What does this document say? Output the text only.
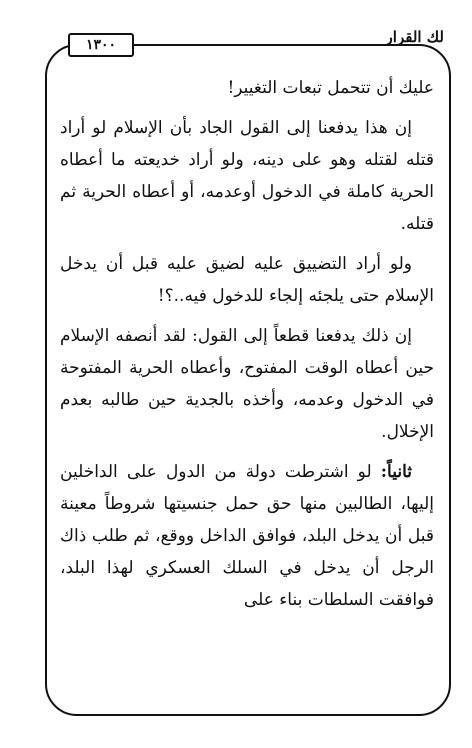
لك القرار
١٣٠٠

عليك أن تتحمل تبعات التغيير!

إن هذا يدفعنا إلى القول الجاد بأن الإسلام لو أراد قتله لقتله وهو على دينه، ولو أراد خديعته ما أعطاه الحرية كاملة في الدخول أوعدمه، أو أعطاه الحرية ثم قتله.

ولو أراد التضييق عليه لضيق عليه قبل أن يدخل الإسلام حتى يلجئه إلجاء للدخول فيه..؟!

إن ذلك يدفعنا قطعاً إلى القول: لقد أنصفه الإسلام حين أعطاه الوقت المفتوح، وأعطاه الحرية المفتوحة في الدخول وعدمه، وأخذه بالجدية حين طالبه بعدم الإخلال.

ثانياً: لو اشترطت دولة من الدول على الداخلين إليها، الطالبين منها حق حمل جنسيتها شروطاً معينة قبل أن يدخل البلد، فوافق الداخل ووقع، ثم طلب ذاك الرجل أن يدخل في السلك العسكري لهذا البلد، فوافقت السلطات بناء على
